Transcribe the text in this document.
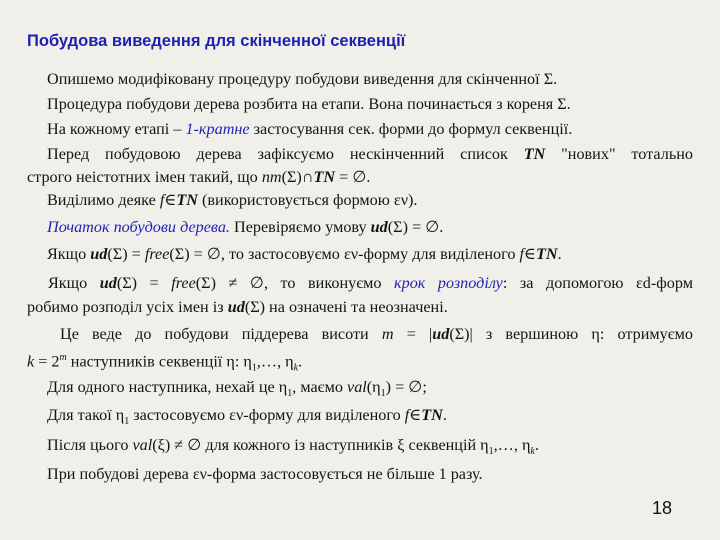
Побудова виведення для скінченної секвенції
Опишемо модифіковану процедуру побудови виведення для скінченної Σ.
Процедура побудови дерева розбита на етапи. Вона починається з кореня Σ.
На кожному етапі – 1-кратне застосування сек. форми до формул секвенції.
Перед побудовою дерева зафіксуємо нескінченний список TN "нових" тотально
строго неістотних імен такий, що nm(Σ)∩TN = ∅.
Виділимо деяке f∈TN (використовується формою εν).
Початок побудови дерева. Перевіряємо умову ud(Σ) = ∅.
Якщо ud(Σ) = free(Σ) = ∅, то застосовуємо εν-форму для виділеного f∈TN.
Якщо ud(Σ) = free(Σ) ≠ ∅, то виконуємо крок розподілу: за допомогою εd-форм
робимо розподіл усіх імен із ud(Σ) на означені та неозначені.
Це веде до побудови піддерева висоти m = |ud(Σ)| з вершиною η: отримуємо
$k = 2^m$ наступників секвенції η: $\eta_1,\dots$, $\eta_k$.
Для одного наступника, нехай це $\eta_1$, маємо $val(\eta_1)$ = ∅;
Для такої $\eta_1$ застосовуємо εν-форму для виділеного f∈TN.
Після цього val(ξ) ≠ ∅ для кожного із наступників ξ секвенцій $\eta_1,\dots$, $\eta_k$.
При побудові дерева εν-форма застосовується не більше 1 разу.
18
